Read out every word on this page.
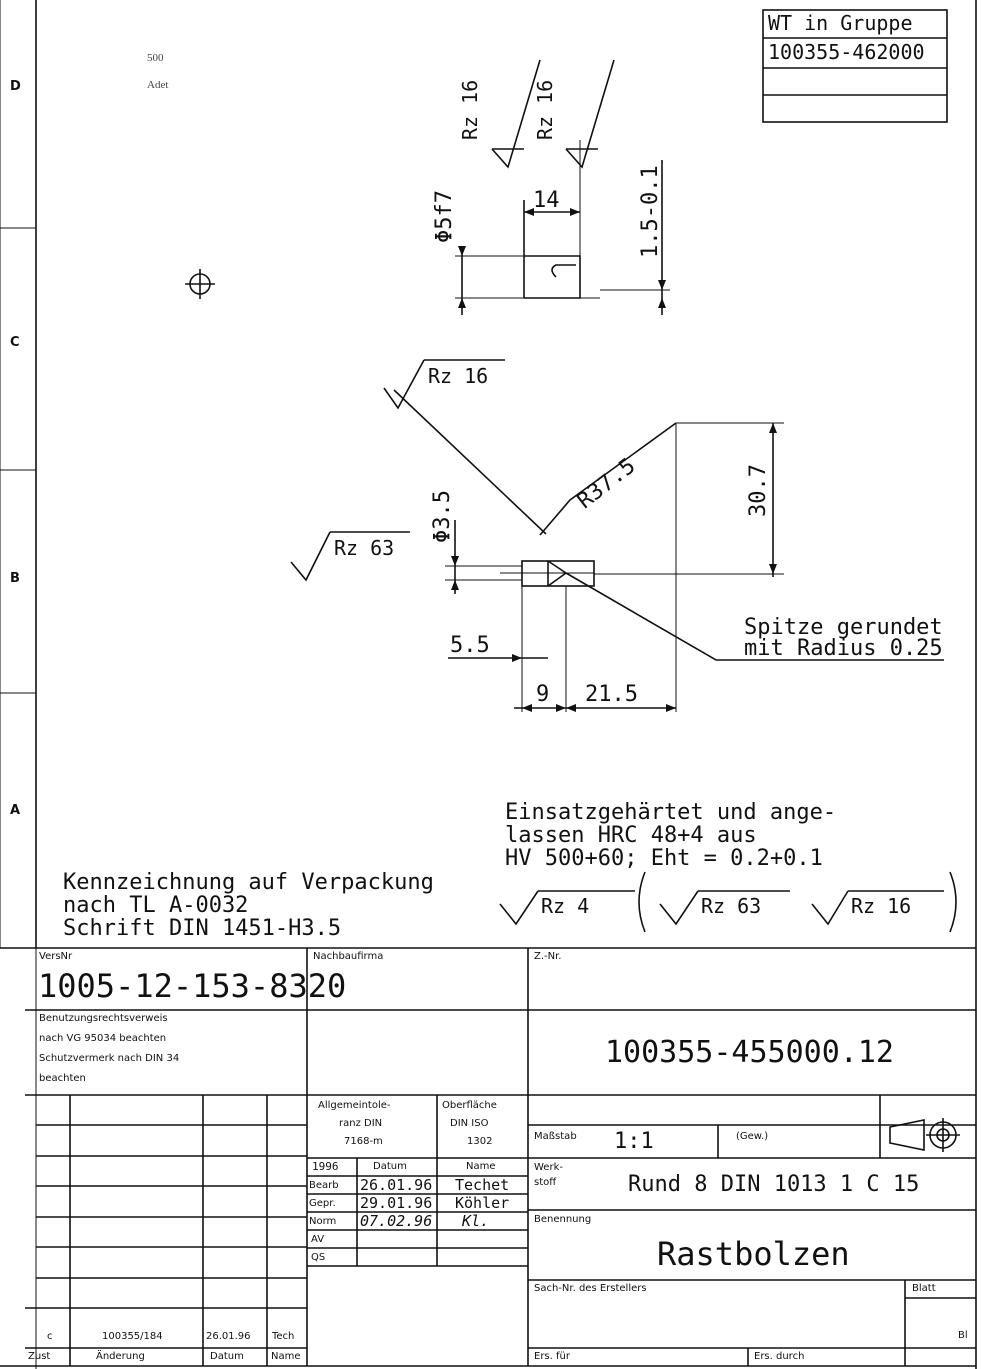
D
C
B
A
500
Adet
WT in Gruppe
100355-462000
Rz 16	Rz 16
Φ5f7	14	1.5-0.1
Rz 16
R37.5	30.7
Φ3.5
Rz 63
5.5
9 21.5
Spitze gerundet
mit Radius 0.25
Einsatzgehärtet und ange-
lassen HRC 48+4 aus
HV 500+60; Eht = 0.2+0.1
Kennzeichnung auf Verpackung
nach TL A-0032
Schrift DIN 1451-H3.5
Rz 4	Rz 63	Rz 16
VersNr
1005-12-153-8320
Nachbaufirma	Z.-Nr.
100355-455000.12
Benutzungsrechtsverweis
nach VG 95034 beachten
Schutzvermerk nach DIN 34
beachten
Allgemeintole-
ranz DIN
7168-m
Oberfläche
DIN ISO
1302	Maßstab 1:1	(Gew.)
1996	Datum	Name
Bearb 26.01.96 Techet
Gepr. 29.01.96 Köhler
Norm 07.02.96 Kl.
AV
QS
Werk-
stoff	Rund 8 DIN 1013 1 C 15
Benennung
Rastbolzen
Sach-Nr. des Erstellers	Blatt
Bl
Ers. für	Ers. durch
c	100355/184	26.01.96 Tech
Zust	Änderung	Datum	Name
